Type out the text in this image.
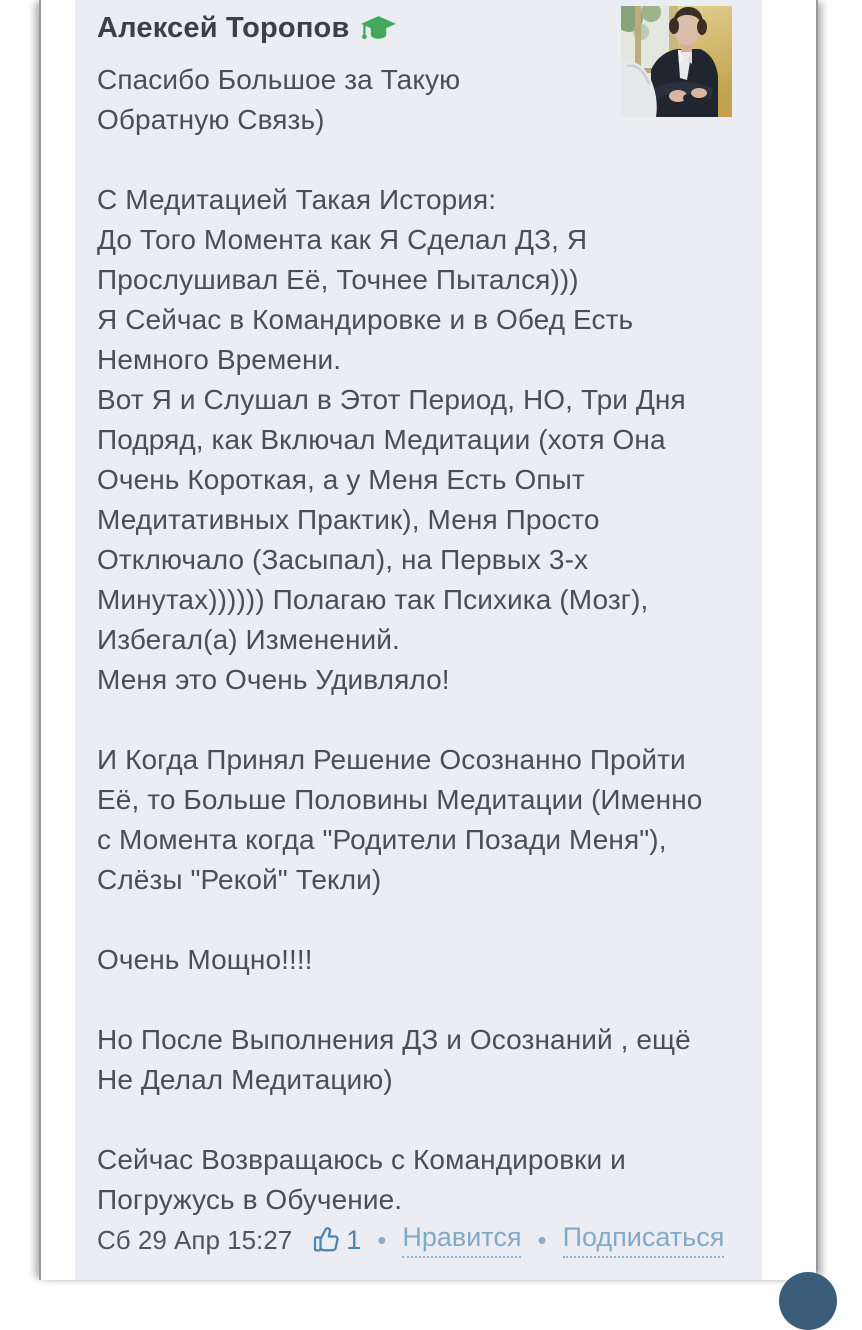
Алексей Торопов
Спасибо Большое за Такую
Обратную Связь)
С Медитацией Такая История:
До Того Момента как Я Сделал ДЗ, Я
Прослушивал Её, Точнее Пытался)))
Я Сейчас в Командировке и в Обед Есть
Немного Времени.
Вот Я и Слушал в Этот Период, НО, Три Дня
Подряд, как Включал Медитации (хотя Она
Очень Короткая, а у Меня Есть Опыт
Медитативных Практик), Меня Просто
Отключало (Засыпал), на Первых 3-х
Минутах)))))) Полагаю так Психика (Мозг),
Избегал(а) Изменений.
Меня это Очень Удивляло!
И Когда Принял Решение Осознанно Пройти
Её, то Больше Половины Медитации (Именно
с Момента когда "Родители Позади Меня"),
Слёзы "Рекой" Текли)
Очень Мощно!!!!
Но После Выполнения ДЗ и Осознаний , ещё
Не Делал Медитацию)
Сейчас Возвращаюсь с Командировки и
Погружусь в Обучение.
Сб 29 Апр 15:27 1 • Нравится • Подписаться
